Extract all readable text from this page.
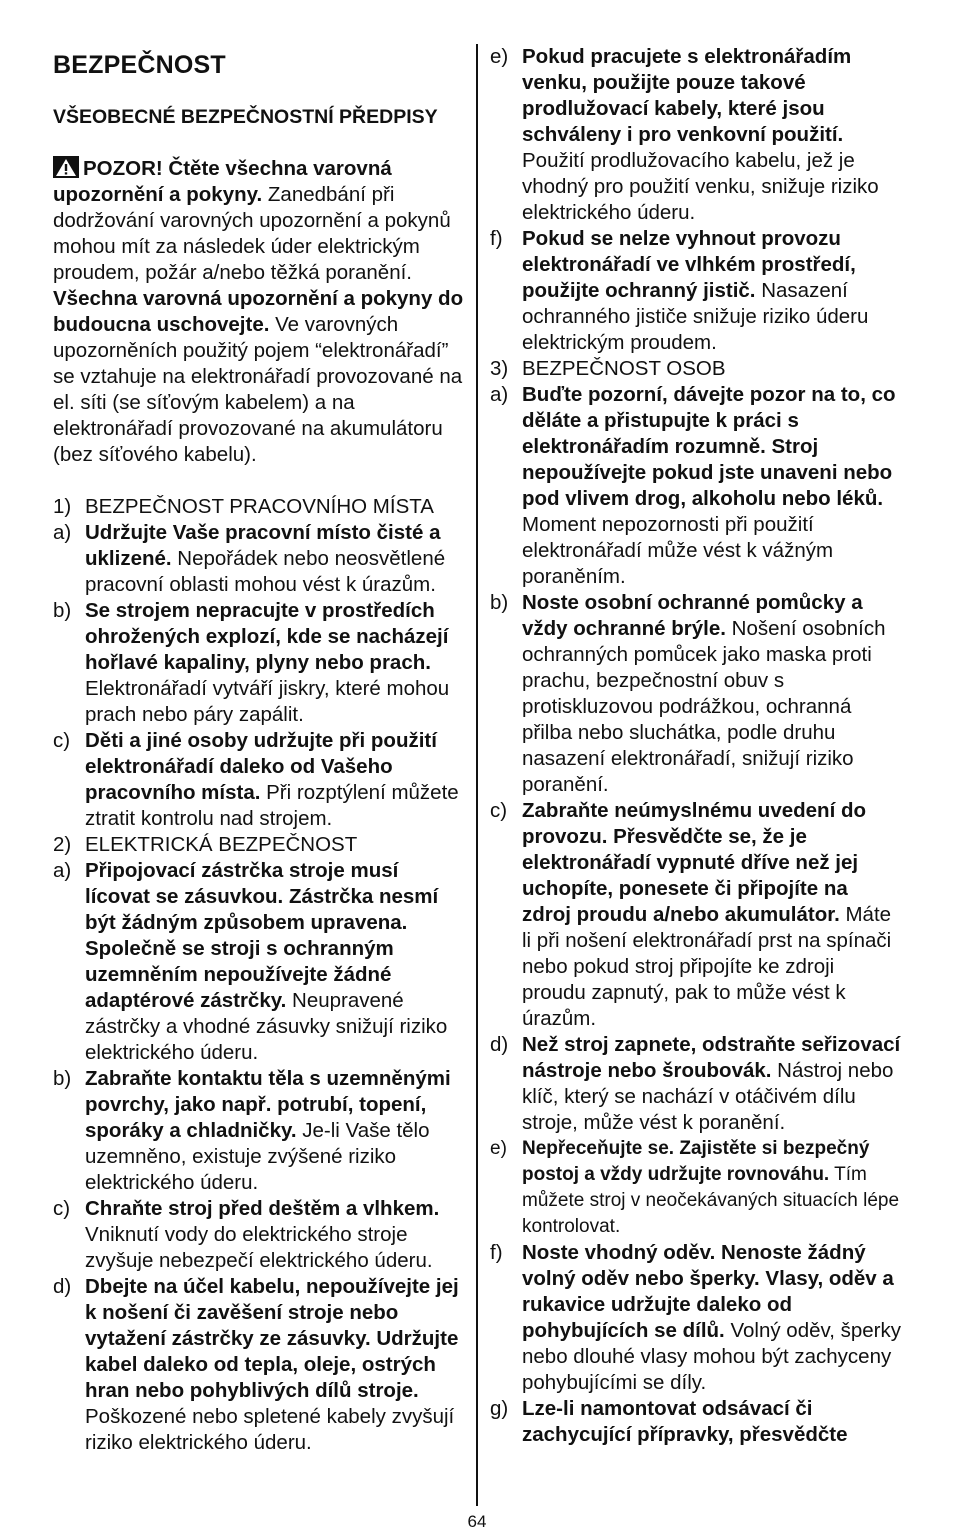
BEZPEČNOST
VŠEOBECNÉ BEZPEČNOSTNÍ PŘEDPISY

POZOR! Čtěte všechna varovná upozornění a pokyny. Zanedbání při dodržování varovných upozornění a pokynů mohou mít za následek úder elektrickým proudem, požár a/nebo těžká poranění. Všechna varovná upozornění a pokyny do budoucna uschovejte. Ve varovných upozorněních použitý pojem “elektronářadí” se vztahuje na elektronářadí provozované na el. síti (se síťovým kabelem) a na elektronářadí provozované na akumulátoru (bez síťového kabelu).

1) BEZPEČNOST PRACOVNÍHO MÍSTA
a) Udržujte Vaše pracovní místo čisté a uklizené. Nepořádek nebo neosvětlené pracovní oblasti mohou vést k úrazům.
b) Se strojem nepracujte v prostředích ohrožených explozí, kde se nacházejí hořlavé kapaliny, plyny nebo prach. Elektronářadí vytváří jiskry, které mohou prach nebo páry zapálit.
c) Děti a jiné osoby udržujte při použití elektronářadí daleko od Vašeho pracovního místa. Při rozptýlení můžete ztratit kontrolu nad strojem.
2) ELEKTRICKÁ BEZPEČNOST
a) Připojovací zástrčka stroje musí lícovat se zásuvkou. Zástrčka nesmí být žádným způsobem upravena. Společně se stroji s ochranným uzemněním nepoužívejte žádné adaptérové zástrčky. Neupravené zástrčky a vhodné zásuvky snižují riziko elektrického úderu.
b) Zabraňte kontaktu těla s uzemněnými povrchy, jako např. potrubí, topení, sporáky a chladničky. Je-li Vaše tělo uzemněno, existuje zvýšené riziko elektrického úderu.
c) Chraňte stroj před deštěm a vlhkem. Vniknutí vody do elektrického stroje zvyšuje nebezpečí elektrického úderu.
d) Dbejte na účel kabelu, nepoužívejte jej k nošení či zavěšení stroje nebo vytažení zástrčky ze zásuvky. Udržujte kabel daleko od tepla, oleje, ostrých hran nebo pohyblivých dílů stroje. Poškozené nebo spletené kabely zvyšují riziko elektrického úderu.
e) Pokud pracujete s elektronářadím venku, použijte pouze takové prodlužovací kabely, které jsou schváleny i pro venkovní použití. Použití prodlužovacího kabelu, jež je vhodný pro použití venku, snižuje riziko elektrického úderu.
f) Pokud se nelze vyhnout provozu elektronářadí ve vlhkém prostředí, použijte ochranný jistič. Nasazení ochranného jističe snižuje riziko úderu elektrickým proudem.
3) BEZPEČNOST OSOB
a) Buďte pozorní, dávejte pozor na to, co děláte a přistupujte k práci s elektronářadím rozumně. Stroj nepoužívejte pokud jste unaveni nebo pod vlivem drog, alkoholu nebo léků. Moment nepozornosti při použití elektronářadí může vést k vážným poraněním.
b) Noste osobní ochranné pomůcky a vždy ochranné brýle. Nošení osobních ochranných pomůcek jako maska proti prachu, bezpečnostní obuv s protiskluzovou podrážkou, ochranná přilba nebo sluchátka, podle druhu nasazení elektronářadí, snižují riziko poranění.
c) Zabraňte neúmyslnému uvedení do provozu. Přesvědčte se, že je elektronářadí vypnuté dříve než jej uchopíte, ponesete či připojíte na zdroj proudu a/nebo akumulátor. Máte li při nošení elektronářadí prst na spínači nebo pokud stroj připojíte ke zdroji proudu zapnutý, pak to může vést k úrazům.
d) Než stroj zapnete, odstraňte seřizovací nástroje nebo šroubovák. Nástroj nebo klíč, který se nachází v otáčivém dílu stroje, může vést k poranění.
e) Nepřeceňujte se. Zajistěte si bezpečný postoj a vždy udržujte rovnováhu. Tím můžete stroj v neočekávaných situacích lépe kontrolovat.
f) Noste vhodný oděv. Nenoste žádný volný oděv nebo šperky. Vlasy, oděv a rukavice udržujte daleko od pohybujících se dílů. Volný oděv, šperky nebo dlouhé vlasy mohou být zachyceny pohybujícími se díly.
g) Lze-li namontovat odsávací či zachycující přípravky, přesvědčte
64
